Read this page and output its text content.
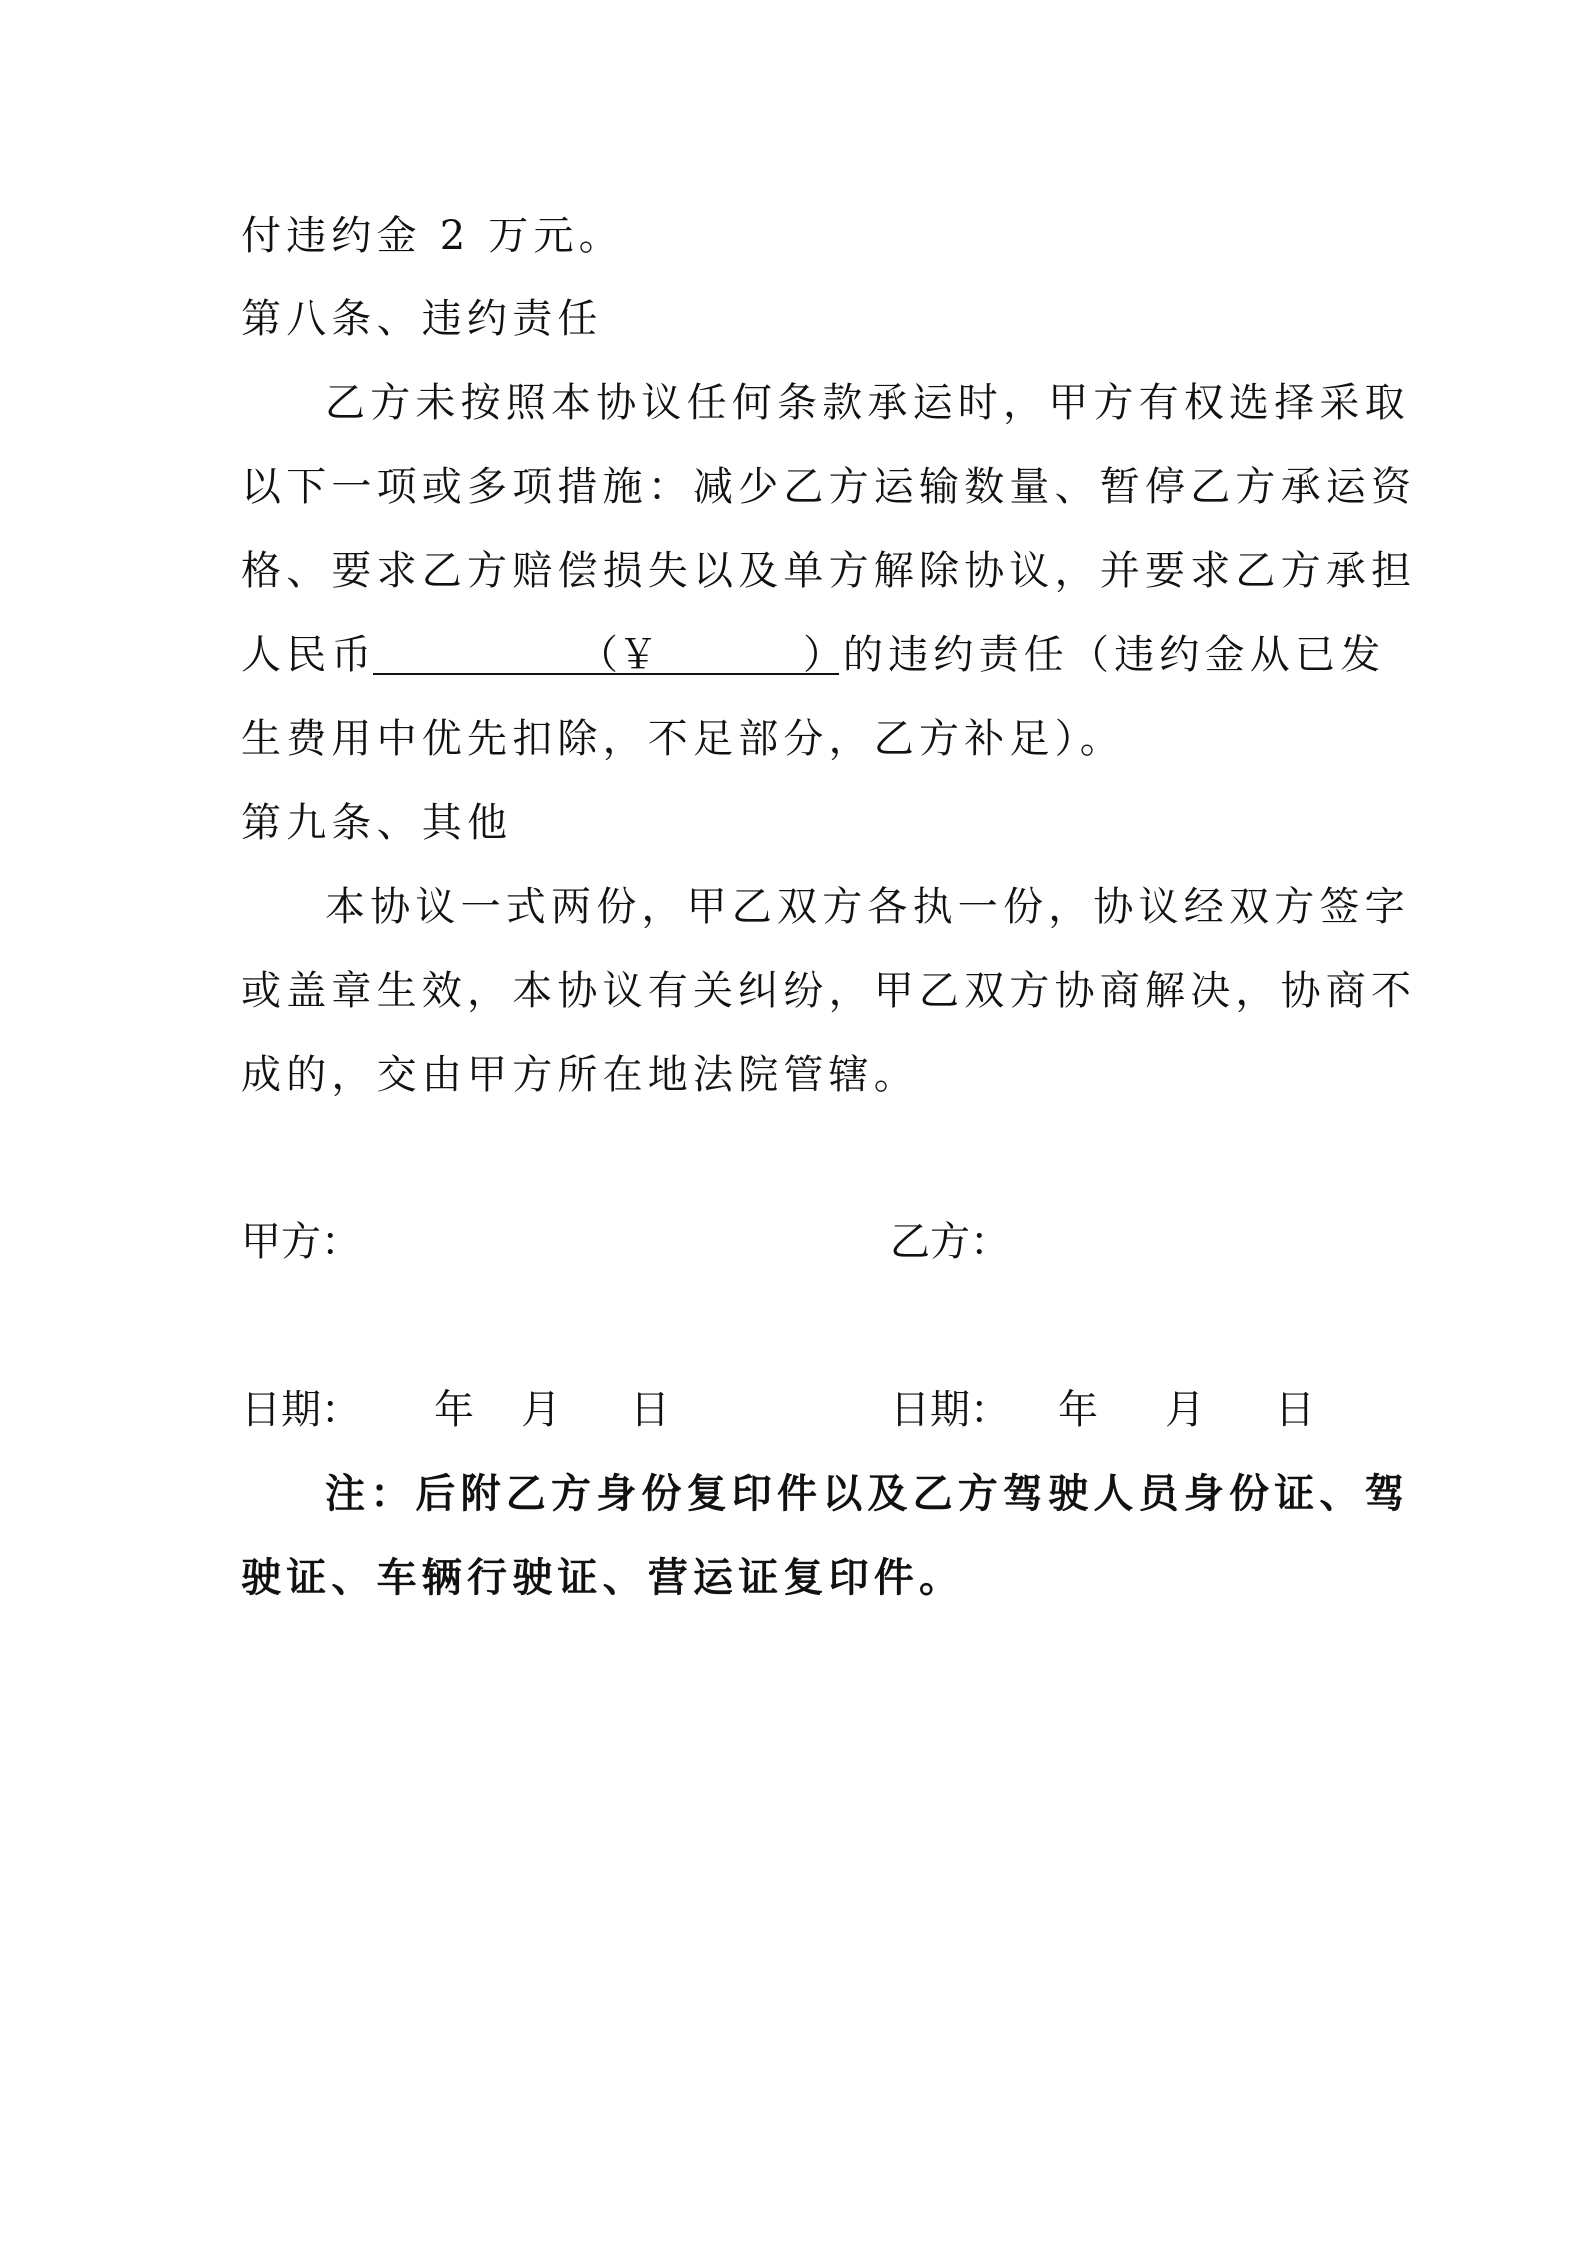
付违约金 2 万元。
第八条、违约责任
乙方未按照本协议任何条款承运时，甲方有权选择采取
以下一项或多项措施：减少乙方运输数量、暂停乙方承运资
格、要求乙方赔偿损失以及单方解除协议，并要求乙方承担
人民币	（￥	） 的违约责任（违约金从已发
生费用中优先扣除，不足部分，乙方补足）。
第九条、其他
本协议一式两份，甲乙双方各执一份，协议经双方签字
或盖章生效，本协议有关纠纷，甲乙双方协商解决，协商不
成的，交由甲方所在地法院管辖。
甲方：	乙方：
日期： 年 月 日	日期： 年 月 日
注：后附乙方身份复印件以及乙方驾驶人员身份证、驾
驶证、车辆行驶证、营运证复印件。
